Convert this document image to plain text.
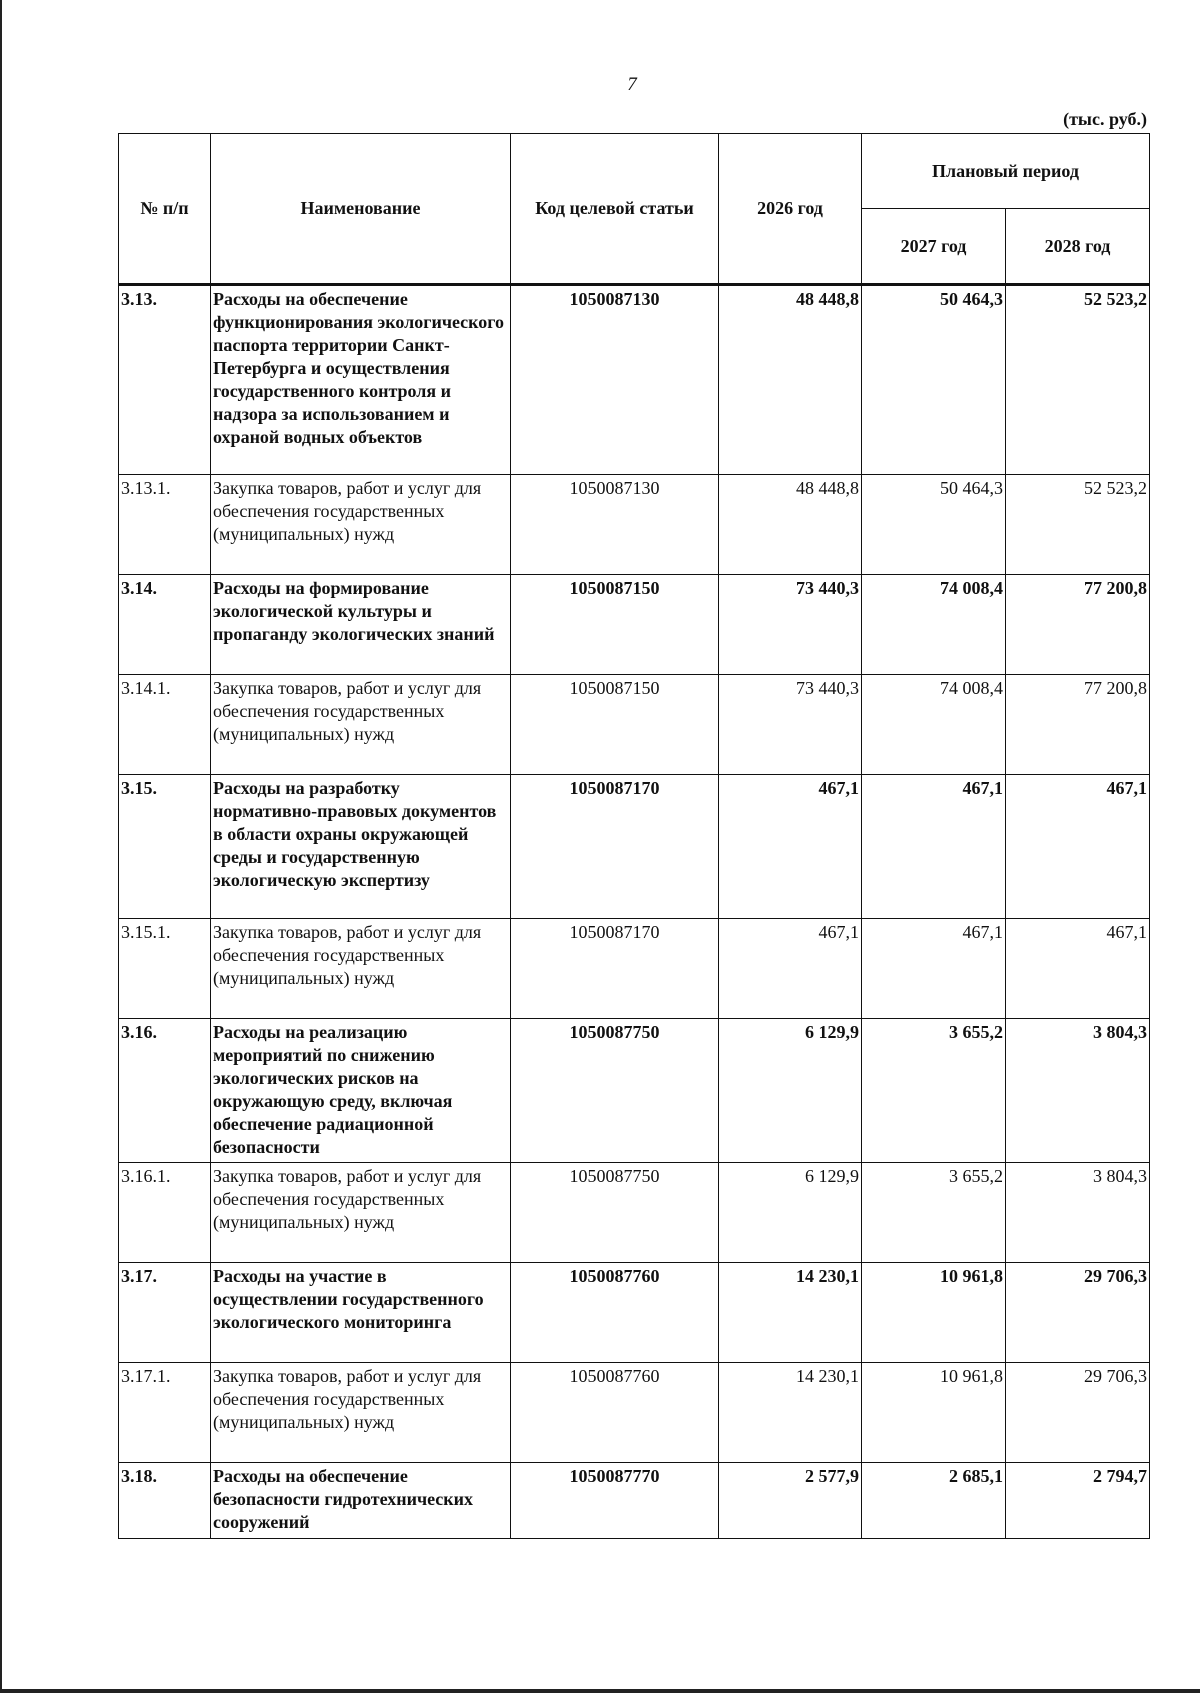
7
(тыс. руб.)
№ п/п	Наименование	Код целевой статьи	2026 год	Плановый период	
				2027 год	2028 год
3.13.	Расходы на обеспечение функционирования экологического паспорта территории Санкт-Петербурга и осуществления государственного контроля и надзора за использованием и охраной водных объектов	1050087130	48 448,8	50 464,3	52 523,2
3.13.1.	Закупка товаров, работ и услуг для обеспечения государственных (муниципальных) нужд	1050087130	48 448,8	50 464,3	52 523,2
3.14.	Расходы на формирование экологической культуры и пропаганду экологических знаний	1050087150	73 440,3	74 008,4	77 200,8
3.14.1.	Закупка товаров, работ и услуг для обеспечения государственных (муниципальных) нужд	1050087150	73 440,3	74 008,4	77 200,8
3.15.	Расходы на разработку нормативно-правовых документов в области охраны окружающей среды и государственную экологическую экспертизу	1050087170	467,1	467,1	467,1
3.15.1.	Закупка товаров, работ и услуг для обеспечения государственных (муниципальных) нужд	1050087170	467,1	467,1	467,1
3.16.	Расходы на реализацию мероприятий по снижению экологических рисков на окружающую среду, включая обеспечение радиационной безопасности	1050087750	6 129,9	3 655,2	3 804,3
3.16.1.	Закупка товаров, работ и услуг для обеспечения государственных (муниципальных) нужд	1050087750	6 129,9	3 655,2	3 804,3
3.17.	Расходы на участие в осуществлении государственного экологического мониторинга	1050087760	14 230,1	10 961,8	29 706,3
3.17.1.	Закупка товаров, работ и услуг для обеспечения государственных (муниципальных) нужд	1050087760	14 230,1	10 961,8	29 706,3
3.18.	Расходы на обеспечение безопасности гидротехнических сооружений	1050087770	2 577,9	2 685,1	2 794,7
